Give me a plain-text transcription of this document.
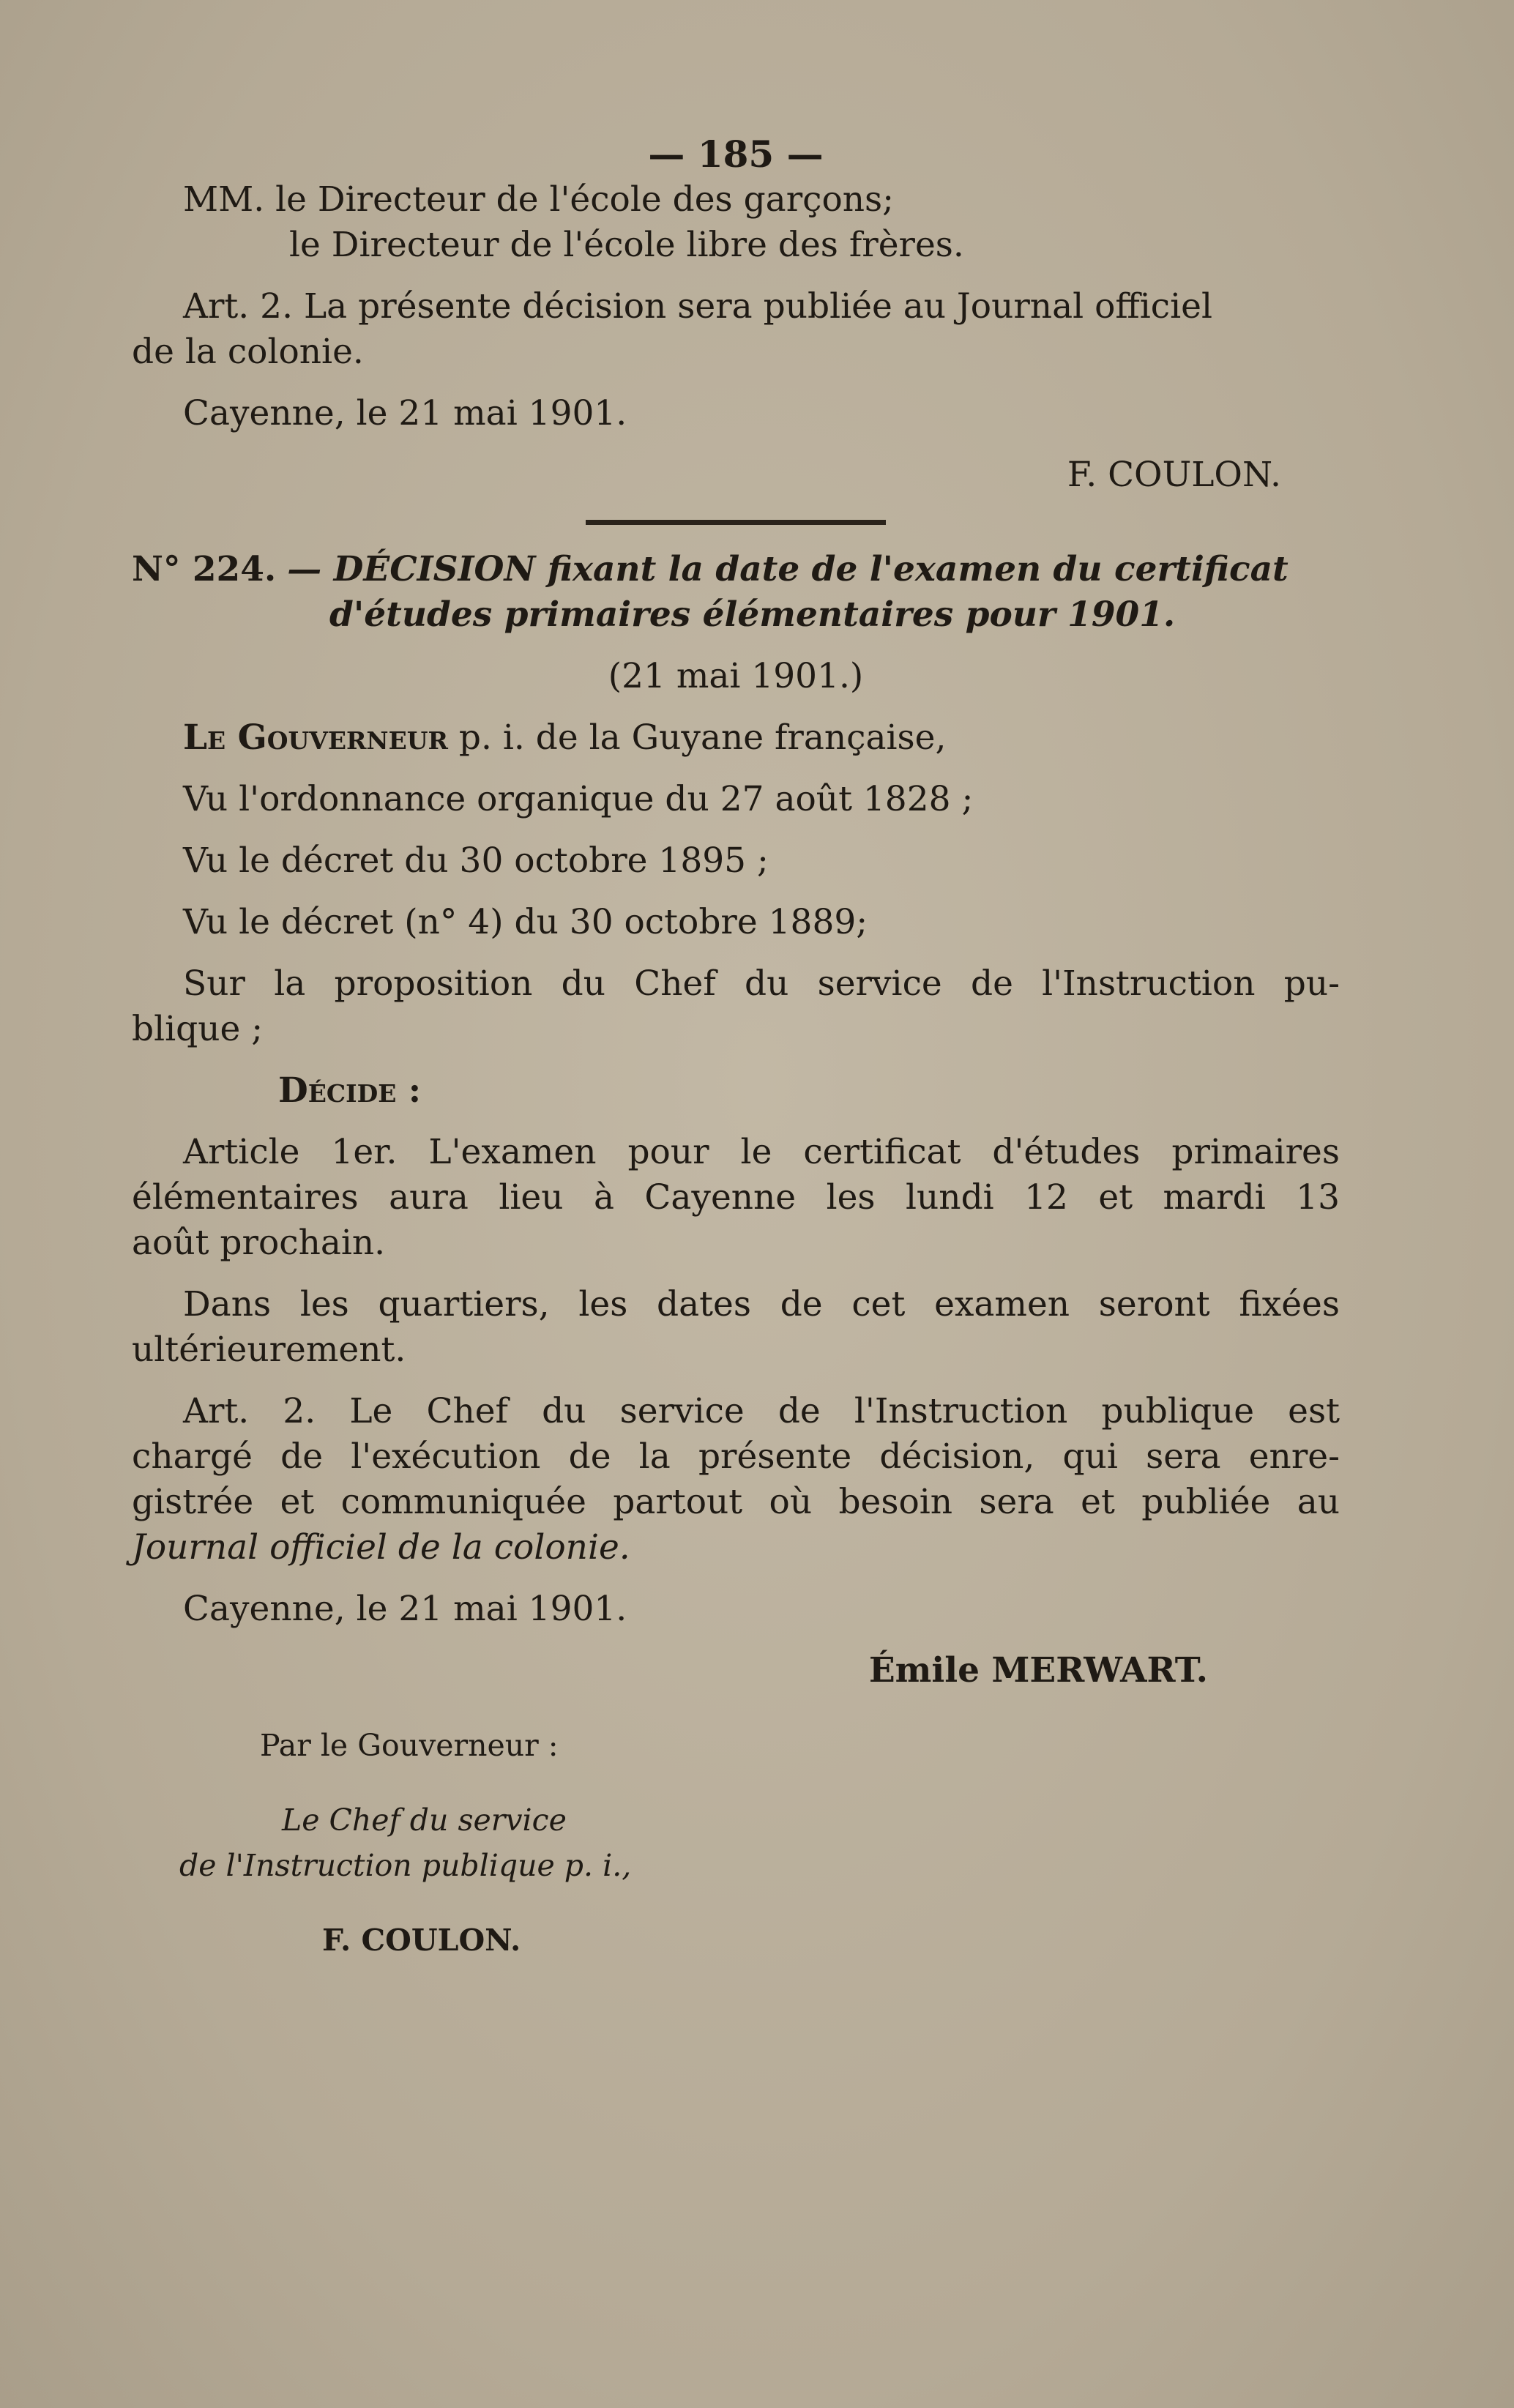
— 185 —
MM. le Directeur de l'école des garçons;
le Directeur de l'école libre des frères.
Art. 2. La présente décision sera publiée au Journal officiel
de la colonie.
Cayenne, le 21 mai 1901.
F. COULON.
N° 224. — DÉCISION fixant la date de l'examen du certificat
d'études primaires élémentaires pour 1901.
(21 mai 1901.)
Le Gouverneur p. i. de la Guyane française,
Vu l'ordonnance organique du 27 août 1828 ;
Vu le décret du 30 octobre 1895 ;
Vu le décret (n° 4) du 30 octobre 1889;
Sur la proposition du Chef du service de l'Instruction pu-
blique ;
Décide :
Article 1er. L'examen pour le certificat d'études primaires
élémentaires aura lieu à Cayenne les lundi 12 et mardi 13
août prochain.
Dans les quartiers, les dates de cet examen seront fixées
ultérieurement.
Art. 2. Le Chef du service de l'Instruction publique est
chargé de l'exécution de la présente décision, qui sera enre-
gistrée et communiquée partout où besoin sera et publiée au
Journal officiel de la colonie.
Cayenne, le 21 mai 1901.
Émile MERWART.
Par le Gouverneur :
Le Chef du service
de l'Instruction publique p. i.,
F. COULON.
